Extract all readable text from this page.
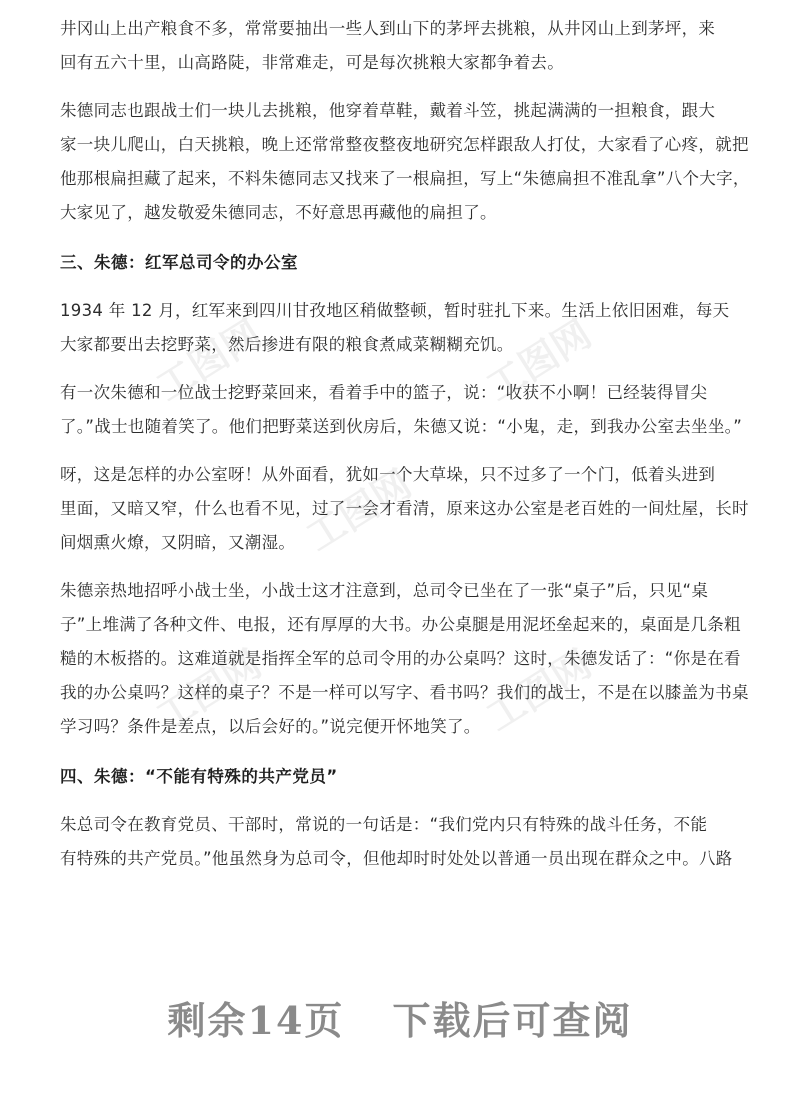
工图网	工图网
工图网
工图网	工图网

井冈山上出产粮食不多，常常要抽出一些人到山下的茅坪去挑粮，从井冈山上到茅坪，来
回有五六十里，山高路陡，非常难走，可是每次挑粮大家都争着去。

朱德同志也跟战士们一块儿去挑粮，他穿着草鞋，戴着斗笠，挑起满满的一担粮食，跟大
家一块儿爬山，白天挑粮，晚上还常常整夜整夜地研究怎样跟敌人打仗，大家看了心疼，就把
他那根扁担藏了起来，不料朱德同志又找来了一根扁担，写上“朱德扁担不准乱拿”八个大字，
大家见了，越发敬爱朱德同志，不好意思再藏他的扁担了。

三、朱德：红军总司令的办公室

1934 年 12 月，红军来到四川甘孜地区稍做整顿，暂时驻扎下来。生活上依旧困难，每天
大家都要出去挖野菜，然后掺进有限的粮食煮咸菜糊糊充饥。

有一次朱德和一位战士挖野菜回来，看着手中的篮子，说：“收获不小啊！已经装得冒尖
了。”战士也随着笑了。他们把野菜送到伙房后，朱德又说：“小鬼，走，到我办公室去坐坐。”

呀，这是怎样的办公室呀！从外面看，犹如一个大草垛，只不过多了一个门，低着头进到
里面，又暗又窄，什么也看不见，过了一会才看清，原来这办公室是老百姓的一间灶屋，长时
间烟熏火燎，又阴暗，又潮湿。

朱德亲热地招呼小战士坐，小战士这才注意到，总司令已坐在了一张“桌子”后，只见“桌
子”上堆满了各种文件、电报，还有厚厚的大书。办公桌腿是用泥坯垒起来的，桌面是几条粗
糙的木板搭的。这难道就是指挥全军的总司令用的办公桌吗？这时，朱德发话了：“你是在看
我的办公桌吗？这样的桌子？不是一样可以写字、看书吗？我们的战士，不是在以膝盖为书桌
学习吗？条件是差点，以后会好的。”说完便开怀地笑了。

四、朱德：“不能有特殊的共产党员”

朱总司令在教育党员、干部时，常说的一句话是：“我们党内只有特殊的战斗任务，不能
有特殊的共产党员。”他虽然身为总司令，但他却时时处处以普通一员出现在群众之中。八路

剩余14页 下载后可查阅
